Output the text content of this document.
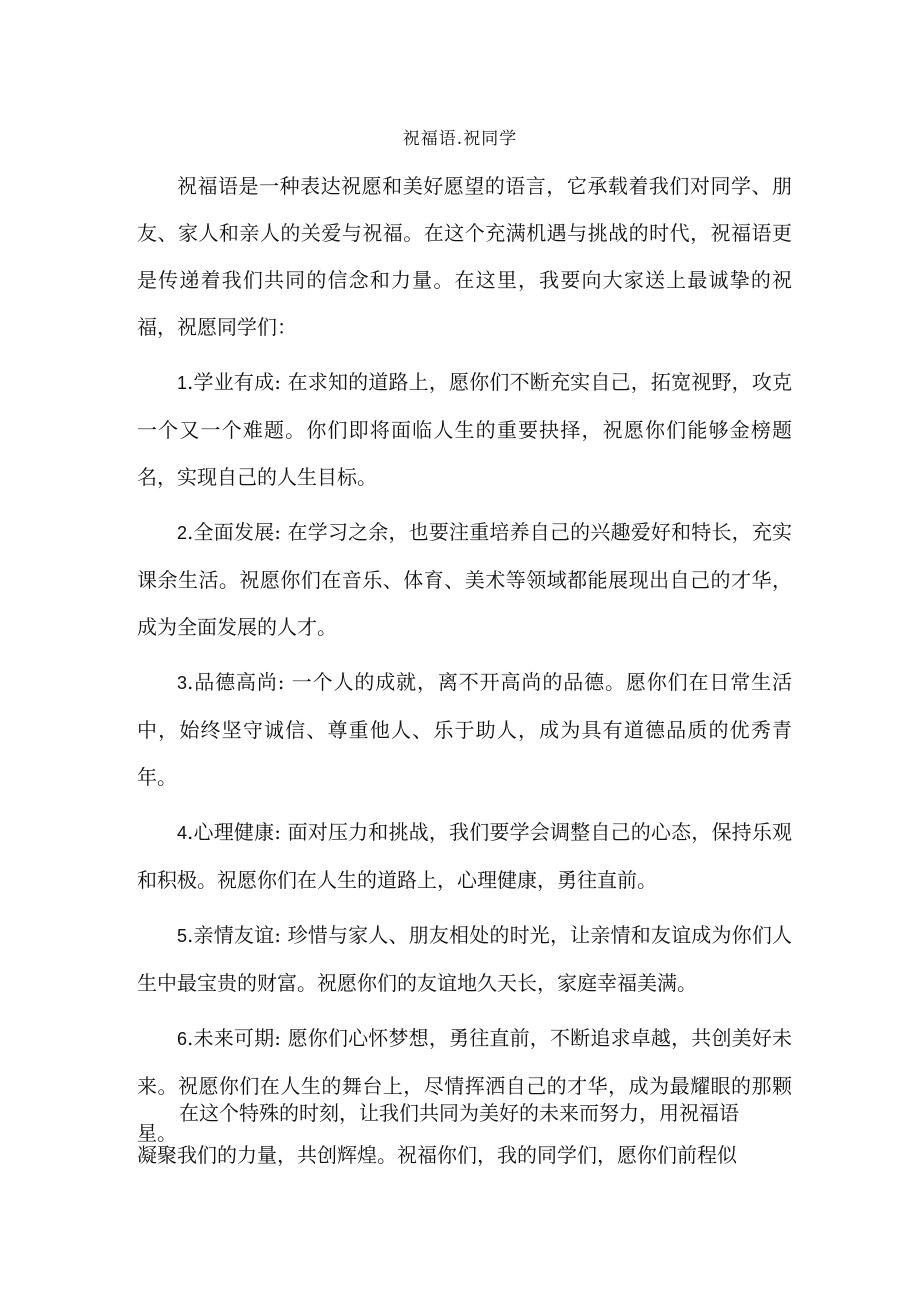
祝福语.祝同学

祝福语是一种表达祝愿和美好愿望的语言，它承载着我们对同学、朋友、家人和亲人的关爱与祝福。在这个充满机遇与挑战的时代，祝福语更是传递着我们共同的信念和力量。在这里，我要向大家送上最诚挚的祝福，祝愿同学们：

1.学业有成: 在求知的道路上，愿你们不断充实自己，拓宽视野，攻克一个又一个难题。你们即将面临人生的重要抉择，祝愿你们能够金榜题名，实现自己的人生目标。

2.全面发展: 在学习之余，也要注重培养自己的兴趣爱好和特长，充实课余生活。祝愿你们在音乐、体育、美术等领域都能展现出自己的才华，成为全面发展的人才。

3.品德高尚: 一个人的成就，离不开高尚的品德。愿你们在日常生活中，始终坚守诚信、尊重他人、乐于助人，成为具有道德品质的优秀青年。

4.心理健康: 面对压力和挑战，我们要学会调整自己的心态，保持乐观和积极。祝愿你们在人生的道路上，心理健康，勇往直前。

5.亲情友谊: 珍惜与家人、朋友相处的时光，让亲情和友谊成为你们人生中最宝贵的财富。祝愿你们的友谊地久天长，家庭幸福美满。

6.未来可期: 愿你们心怀梦想，勇往直前，不断追求卓越，共创美好未来。祝愿你们在人生的舞台上，尽情挥洒自己的才华，成为最耀眼的那颗星。

在这个特殊的时刻，让我们共同为美好的未来而努力，用祝福语
凝聚我们的力量，共创辉煌。祝福你们，我的同学们，愿你们前程似
